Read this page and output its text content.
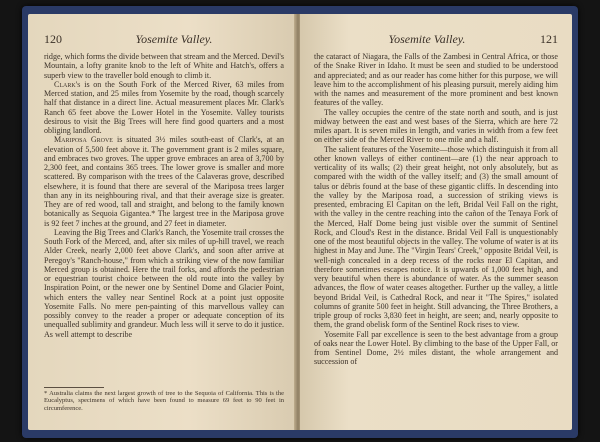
120	Yosemite Valley.

ridge, which forms the divide between that stream and the Merced. Devil's Mountain, a lofty granite knob to the left of White and Hatch's, offers a superb view to the traveller bold enough to climb it.

Clark's is on the South Fork of the Merced River, 63 miles from Merced station, and 25 miles from Yosemite by the road, though scarcely half that distance in a direct line. Actual measurement places Mr. Clark's Ranch 65 feet above the Lower Hotel in the Yosemite. Valley tourists desirous to visit the Big Trees will here find good quarters and a most obliging landlord.

Mariposa Grove is situated 3½ miles south-east of Clark's, at an elevation of 5,500 feet above it. The government grant is 2 miles square, and embraces two groves. The upper grove embraces an area of 3,700 by 2,300 feet, and contains 365 trees. The lower grove is smaller and more scattered. By comparison with the trees of the Calaveras grove, described elsewhere, it is found that there are several of the Mariposa trees larger than any in its neighbouring rival, and that their average size is greater. They are of red wood, tall and straight, and belong to the family known botanically as Sequoia Gigantea.* The largest tree in the Mariposa grove is 92 feet 7 inches at the ground, and 27 feet in diameter.

Leaving the Big Trees and Clark's Ranch, the Yosemite trail crosses the South Fork of the Merced, and, after six miles of up-hill travel, we reach Alder Creek, nearly 2,000 feet above Clark's, and soon after arrive at Peregoy's "Ranch-house," from which a striking view of the now familiar Merced group is obtained. Here the trail forks, and affords the pedestrian or equestrian tourist choice between the old route into the valley by Inspiration Point, or the newer one by Sentinel Dome and Glacier Point, which enters the valley near Sentinel Rock at a point just opposite Yosemite Falls. No mere pen-painting of this marvellous valley can possibly convey to the reader a proper or adequate conception of its unequalled sublimity and grandeur. Much less will it serve to do it justice. As well attempt to describe

* Australia claims the next largest growth of tree to the Sequoia of California. This is the Eucalyptus, specimens of which have been found to measure 69 feet to 90 feet in circumference.
Yosemite Valley.	121

the cataract of Niagara, the Falls of the Zambesi in Central Africa, or those of the Snake River in Idaho. It must be seen and studied to be understood and appreciated; and as our reader has come hither for this purpose, we will leave him to the accomplishment of his pleasing pursuit, merely aiding him with the names and measurement of the more prominent and best known features of the valley.

The valley occupies the centre of the state north and south, and is just midway between the east and west bases of the Sierra, which are here 72 miles apart. It is seven miles in length, and varies in width from a few feet on either side of the Merced River to one mile and a half.

The salient features of the Yosemite—those which distinguish it from all other known valleys of either continent—are (1) the near approach to verticality of its walls; (2) their great height, not only absolutely, but as compared with the width of the valley itself; and (3) the small amount of talus or débris found at the base of these gigantic cliffs. In descending into the valley by the Mariposa road, a succession of striking views is presented, embracing El Capitan on the left, Bridal Veil Fall on the right, with the valley in the centre reaching into the cañon of the Tenaya Fork of the Merced, Half Dome being just visible over the summit of Sentinel Rock, and Cloud's Rest in the distance. Bridal Veil Fall is unquestionably one of the most beautiful objects in the valley. The volume of water is at its highest in May and June. The "Virgin Tears' Creek," opposite Bridal Veil, is well-nigh concealed in a deep recess of the rocks near El Capitan, and therefore sometimes escapes notice. It is upwards of 1,000 feet high, and very beautiful when there is abundance of water. As the summer season advances, the flow of water ceases altogether. Further up the valley, a little beyond Bridal Veil, is Cathedral Rock, and near it "The Spires," isolated columns of granite 500 feet in height. Still advancing, the Three Brothers, a triple group of rocks 3,830 feet in height, are seen; and, nearly opposite to them, the grand obelisk form of the Sentinel Rock rises to view.

Yosemite Fall par excellence is seen to the best advantage from a group of oaks near the Lower Hotel. By climbing to the base of the Upper Fall, or from Sentinel Dome, 2½ miles distant, the whole arrangement and succession of
